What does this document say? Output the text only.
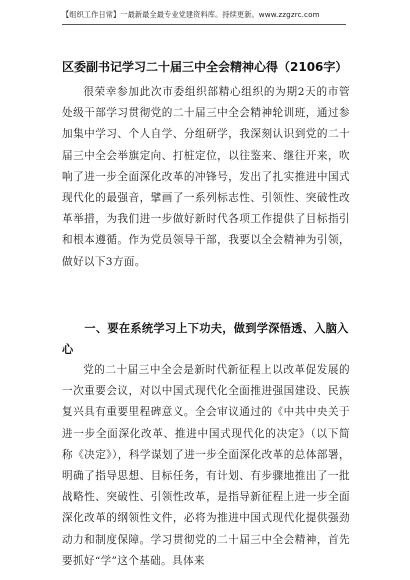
【组织工作日常】一最新最全最专业党建资料库。持续更新。www.zzgzrc.com
区委副书记学习二十届三中全会精神心得（2106字）
很荣幸参加此次市委组织部精心组织的为期2天的市管处级干部学习贯彻党的二十届三中全会精神轮训班，通过参加集中学习、个人自学、分组研学，我深刻认识到党的二十届三中全会举旗定向、打桩定位，以往鉴来、继往开来，吹响了进一步全面深化改革的冲锋号，发出了扎实推进中国式现代化的最强音，擘画了一系列标志性、引领性、突破性改革举措，为我们进一步做好新时代各项工作提供了目标指引和根本遵循。作为党员领导干部，我要以全会精神为引领，做好以下3方面。
一、要在系统学习上下功夫，做到学深悟透、入脑入心
党的二十届三中全会是新时代新征程上以改革促发展的一次重要会议，对以中国式现代化全面推进强国建设、民族复兴具有重要里程碑意义。全会审议通过的《中共中央关于进一步全面深化改革、推进中国式现代化的决定》（以下简称《决定》），科学谋划了进一步全面深化改革的总体部署，明确了指导思想、目标任务，有计划、有步骤地推出了一批战略性、突破性、引领性改革，是指导新征程上进一步全面深化改革的纲领性文件，必将为推进中国式现代化提供强劲动力和制度保障。学习贯彻党的二十届三中全会精神，首先要抓好“学”这个基础。具体来
